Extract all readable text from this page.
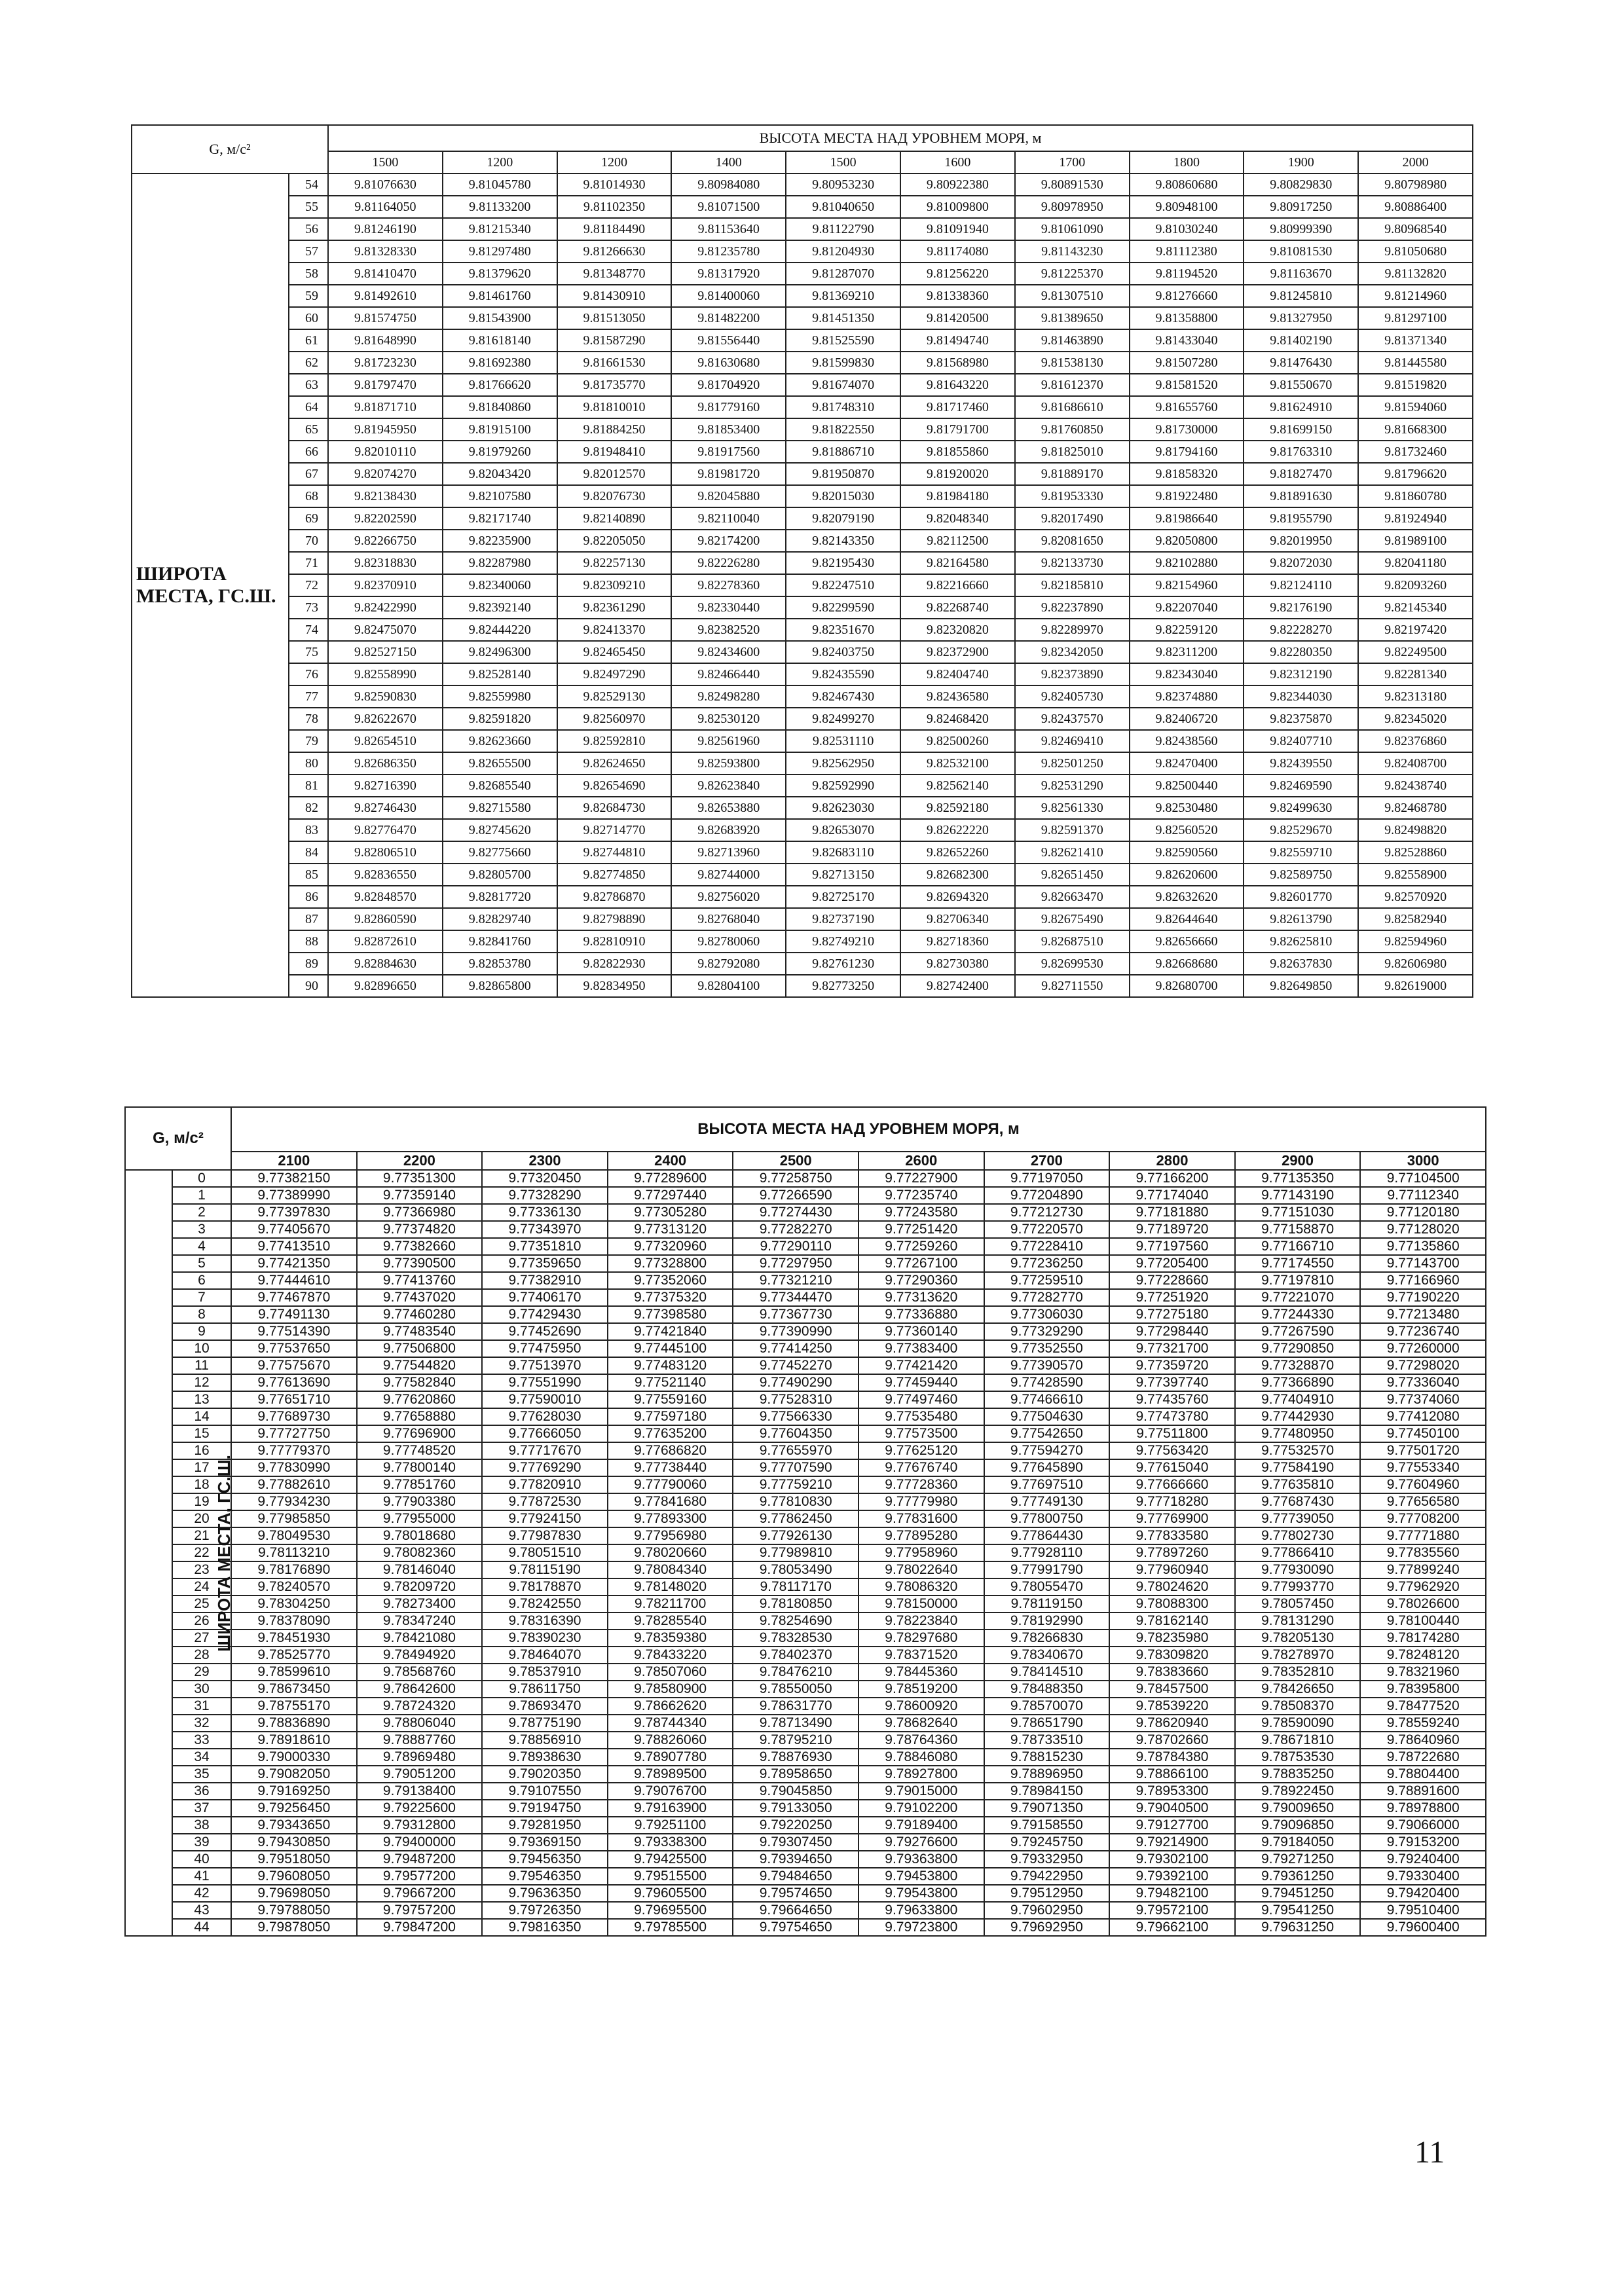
G, м/с²		ВЫСОТА МЕСТА НАД УРОВНЕМ МОРЯ, м									
		1500	1200	1200	1400	1500	1600	1700	1800	1900	2000
ШИРОТА МЕСТА, ГС.Ш.	54	9.81076630	9.81045780	9.81014930	9.80984080	9.80953230	9.80922380	9.80891530	9.80860680	9.80829830	9.80798980
	55	9.81164050	9.81133200	9.81102350	9.81071500	9.81040650	9.81009800	9.80978950	9.80948100	9.80917250	9.80886400
	56	9.81246190	9.81215340	9.81184490	9.81153640	9.81122790	9.81091940	9.81061090	9.81030240	9.80999390	9.80968540
	57	9.81328330	9.81297480	9.81266630	9.81235780	9.81204930	9.81174080	9.81143230	9.81112380	9.81081530	9.81050680
	58	9.81410470	9.81379620	9.81348770	9.81317920	9.81287070	9.81256220	9.81225370	9.81194520	9.81163670	9.81132820
	59	9.81492610	9.81461760	9.81430910	9.81400060	9.81369210	9.81338360	9.81307510	9.81276660	9.81245810	9.81214960
	60	9.81574750	9.81543900	9.81513050	9.81482200	9.81451350	9.81420500	9.81389650	9.81358800	9.81327950	9.81297100
	61	9.81648990	9.81618140	9.81587290	9.81556440	9.81525590	9.81494740	9.81463890	9.81433040	9.81402190	9.81371340
	62	9.81723230	9.81692380	9.81661530	9.81630680	9.81599830	9.81568980	9.81538130	9.81507280	9.81476430	9.81445580
	63	9.81797470	9.81766620	9.81735770	9.81704920	9.81674070	9.81643220	9.81612370	9.81581520	9.81550670	9.81519820
	64	9.81871710	9.81840860	9.81810010	9.81779160	9.81748310	9.81717460	9.81686610	9.81655760	9.81624910	9.81594060
	65	9.81945950	9.81915100	9.81884250	9.81853400	9.81822550	9.81791700	9.81760850	9.81730000	9.81699150	9.81668300
	66	9.82010110	9.81979260	9.81948410	9.81917560	9.81886710	9.81855860	9.81825010	9.81794160	9.81763310	9.81732460
	67	9.82074270	9.82043420	9.82012570	9.81981720	9.81950870	9.81920020	9.81889170	9.81858320	9.81827470	9.81796620
	68	9.82138430	9.82107580	9.82076730	9.82045880	9.82015030	9.81984180	9.81953330	9.81922480	9.81891630	9.81860780
	69	9.82202590	9.82171740	9.82140890	9.82110040	9.82079190	9.82048340	9.82017490	9.81986640	9.81955790	9.81924940
	70	9.82266750	9.82235900	9.82205050	9.82174200	9.82143350	9.82112500	9.82081650	9.82050800	9.82019950	9.81989100
	71	9.82318830	9.82287980	9.82257130	9.82226280	9.82195430	9.82164580	9.82133730	9.82102880	9.82072030	9.82041180
	72	9.82370910	9.82340060	9.82309210	9.82278360	9.82247510	9.82216660	9.82185810	9.82154960	9.82124110	9.82093260
	73	9.82422990	9.82392140	9.82361290	9.82330440	9.82299590	9.82268740	9.82237890	9.82207040	9.82176190	9.82145340
	74	9.82475070	9.82444220	9.82413370	9.82382520	9.82351670	9.82320820	9.82289970	9.82259120	9.82228270	9.82197420
	75	9.82527150	9.82496300	9.82465450	9.82434600	9.82403750	9.82372900	9.82342050	9.82311200	9.82280350	9.82249500
	76	9.82558990	9.82528140	9.82497290	9.82466440	9.82435590	9.82404740	9.82373890	9.82343040	9.82312190	9.82281340
	77	9.82590830	9.82559980	9.82529130	9.82498280	9.82467430	9.82436580	9.82405730	9.82374880	9.82344030	9.82313180
	78	9.82622670	9.82591820	9.82560970	9.82530120	9.82499270	9.82468420	9.82437570	9.82406720	9.82375870	9.82345020
	79	9.82654510	9.82623660	9.82592810	9.82561960	9.82531110	9.82500260	9.82469410	9.82438560	9.82407710	9.82376860
	80	9.82686350	9.82655500	9.82624650	9.82593800	9.82562950	9.82532100	9.82501250	9.82470400	9.82439550	9.82408700
	81	9.82716390	9.82685540	9.82654690	9.82623840	9.82592990	9.82562140	9.82531290	9.82500440	9.82469590	9.82438740
	82	9.82746430	9.82715580	9.82684730	9.82653880	9.82623030	9.82592180	9.82561330	9.82530480	9.82499630	9.82468780
	83	9.82776470	9.82745620	9.82714770	9.82683920	9.82653070	9.82622220	9.82591370	9.82560520	9.82529670	9.82498820
	84	9.82806510	9.82775660	9.82744810	9.82713960	9.82683110	9.82652260	9.82621410	9.82590560	9.82559710	9.82528860
	85	9.82836550	9.82805700	9.82774850	9.82744000	9.82713150	9.82682300	9.82651450	9.82620600	9.82589750	9.82558900
	86	9.82848570	9.82817720	9.82786870	9.82756020	9.82725170	9.82694320	9.82663470	9.82632620	9.82601770	9.82570920
	87	9.82860590	9.82829740	9.82798890	9.82768040	9.82737190	9.82706340	9.82675490	9.82644640	9.82613790	9.82582940
	88	9.82872610	9.82841760	9.82810910	9.82780060	9.82749210	9.82718360	9.82687510	9.82656660	9.82625810	9.82594960
	89	9.82884630	9.82853780	9.82822930	9.82792080	9.82761230	9.82730380	9.82699530	9.82668680	9.82637830	9.82606980
	90	9.82896650	9.82865800	9.82834950	9.82804100	9.82773250	9.82742400	9.82711550	9.82680700	9.82649850	9.82619000
G, м/с²		ВЫСОТА МЕСТА НАД УРОВНЕМ МОРЯ, м									
		2100	2200	2300	2400	2500	2600	2700	2800	2900	3000
ШИРОТА МЕСТА, ГС.Ш.	0	9.77382150	9.77351300	9.77320450	9.77289600	9.77258750	9.77227900	9.77197050	9.77166200	9.77135350	9.77104500
	1	9.77389990	9.77359140	9.77328290	9.77297440	9.77266590	9.77235740	9.77204890	9.77174040	9.77143190	9.77112340
	2	9.77397830	9.77366980	9.77336130	9.77305280	9.77274430	9.77243580	9.77212730	9.77181880	9.77151030	9.77120180
	3	9.77405670	9.77374820	9.77343970	9.77313120	9.77282270	9.77251420	9.77220570	9.77189720	9.77158870	9.77128020
	4	9.77413510	9.77382660	9.77351810	9.77320960	9.77290110	9.77259260	9.77228410	9.77197560	9.77166710	9.77135860
	5	9.77421350	9.77390500	9.77359650	9.77328800	9.77297950	9.77267100	9.77236250	9.77205400	9.77174550	9.77143700
	6	9.77444610	9.77413760	9.77382910	9.77352060	9.77321210	9.77290360	9.77259510	9.77228660	9.77197810	9.77166960
	7	9.77467870	9.77437020	9.77406170	9.77375320	9.77344470	9.77313620	9.77282770	9.77251920	9.77221070	9.77190220
	8	9.77491130	9.77460280	9.77429430	9.77398580	9.77367730	9.77336880	9.77306030	9.77275180	9.77244330	9.77213480
	9	9.77514390	9.77483540	9.77452690	9.77421840	9.77390990	9.77360140	9.77329290	9.77298440	9.77267590	9.77236740
	10	9.77537650	9.77506800	9.77475950	9.77445100	9.77414250	9.77383400	9.77352550	9.77321700	9.77290850	9.77260000
	11	9.77575670	9.77544820	9.77513970	9.77483120	9.77452270	9.77421420	9.77390570	9.77359720	9.77328870	9.77298020
	12	9.77613690	9.77582840	9.77551990	9.77521140	9.77490290	9.77459440	9.77428590	9.77397740	9.77366890	9.77336040
	13	9.77651710	9.77620860	9.77590010	9.77559160	9.77528310	9.77497460	9.77466610	9.77435760	9.77404910	9.77374060
	14	9.77689730	9.77658880	9.77628030	9.77597180	9.77566330	9.77535480	9.77504630	9.77473780	9.77442930	9.77412080
	15	9.77727750	9.77696900	9.77666050	9.77635200	9.77604350	9.77573500	9.77542650	9.77511800	9.77480950	9.77450100
	16	9.77779370	9.77748520	9.77717670	9.77686820	9.77655970	9.77625120	9.77594270	9.77563420	9.77532570	9.77501720
	17	9.77830990	9.77800140	9.77769290	9.77738440	9.77707590	9.77676740	9.77645890	9.77615040	9.77584190	9.77553340
	18	9.77882610	9.77851760	9.77820910	9.77790060	9.77759210	9.77728360	9.77697510	9.77666660	9.77635810	9.77604960
	19	9.77934230	9.77903380	9.77872530	9.77841680	9.77810830	9.77779980	9.77749130	9.77718280	9.77687430	9.77656580
	20	9.77985850	9.77955000	9.77924150	9.77893300	9.77862450	9.77831600	9.77800750	9.77769900	9.77739050	9.77708200
	21	9.78049530	9.78018680	9.77987830	9.77956980	9.77926130	9.77895280	9.77864430	9.77833580	9.77802730	9.77771880
	22	9.78113210	9.78082360	9.78051510	9.78020660	9.77989810	9.77958960	9.77928110	9.77897260	9.77866410	9.77835560
	23	9.78176890	9.78146040	9.78115190	9.78084340	9.78053490	9.78022640	9.77991790	9.77960940	9.77930090	9.77899240
	24	9.78240570	9.78209720	9.78178870	9.78148020	9.78117170	9.78086320	9.78055470	9.78024620	9.77993770	9.77962920
	25	9.78304250	9.78273400	9.78242550	9.78211700	9.78180850	9.78150000	9.78119150	9.78088300	9.78057450	9.78026600
	26	9.78378090	9.78347240	9.78316390	9.78285540	9.78254690	9.78223840	9.78192990	9.78162140	9.78131290	9.78100440
	27	9.78451930	9.78421080	9.78390230	9.78359380	9.78328530	9.78297680	9.78266830	9.78235980	9.78205130	9.78174280
	28	9.78525770	9.78494920	9.78464070	9.78433220	9.78402370	9.78371520	9.78340670	9.78309820	9.78278970	9.78248120
	29	9.78599610	9.78568760	9.78537910	9.78507060	9.78476210	9.78445360	9.78414510	9.78383660	9.78352810	9.78321960
	30	9.78673450	9.78642600	9.78611750	9.78580900	9.78550050	9.78519200	9.78488350	9.78457500	9.78426650	9.78395800
	31	9.78755170	9.78724320	9.78693470	9.78662620	9.78631770	9.78600920	9.78570070	9.78539220	9.78508370	9.78477520
	32	9.78836890	9.78806040	9.78775190	9.78744340	9.78713490	9.78682640	9.78651790	9.78620940	9.78590090	9.78559240
	33	9.78918610	9.78887760	9.78856910	9.78826060	9.78795210	9.78764360	9.78733510	9.78702660	9.78671810	9.78640960
	34	9.79000330	9.78969480	9.78938630	9.78907780	9.78876930	9.78846080	9.78815230	9.78784380	9.78753530	9.78722680
	35	9.79082050	9.79051200	9.79020350	9.78989500	9.78958650	9.78927800	9.78896950	9.78866100	9.78835250	9.78804400
	36	9.79169250	9.79138400	9.79107550	9.79076700	9.79045850	9.79015000	9.78984150	9.78953300	9.78922450	9.78891600
	37	9.79256450	9.79225600	9.79194750	9.79163900	9.79133050	9.79102200	9.79071350	9.79040500	9.79009650	9.78978800
	38	9.79343650	9.79312800	9.79281950	9.79251100	9.79220250	9.79189400	9.79158550	9.79127700	9.79096850	9.79066000
	39	9.79430850	9.79400000	9.79369150	9.79338300	9.79307450	9.79276600	9.79245750	9.79214900	9.79184050	9.79153200
	40	9.79518050	9.79487200	9.79456350	9.79425500	9.79394650	9.79363800	9.79332950	9.79302100	9.79271250	9.79240400
	41	9.79608050	9.79577200	9.79546350	9.79515500	9.79484650	9.79453800	9.79422950	9.79392100	9.79361250	9.79330400
	42	9.79698050	9.79667200	9.79636350	9.79605500	9.79574650	9.79543800	9.79512950	9.79482100	9.79451250	9.79420400
	43	9.79788050	9.79757200	9.79726350	9.79695500	9.79664650	9.79633800	9.79602950	9.79572100	9.79541250	9.79510400
	44	9.79878050	9.79847200	9.79816350	9.79785500	9.79754650	9.79723800	9.79692950	9.79662100	9.79631250	9.79600400
11
